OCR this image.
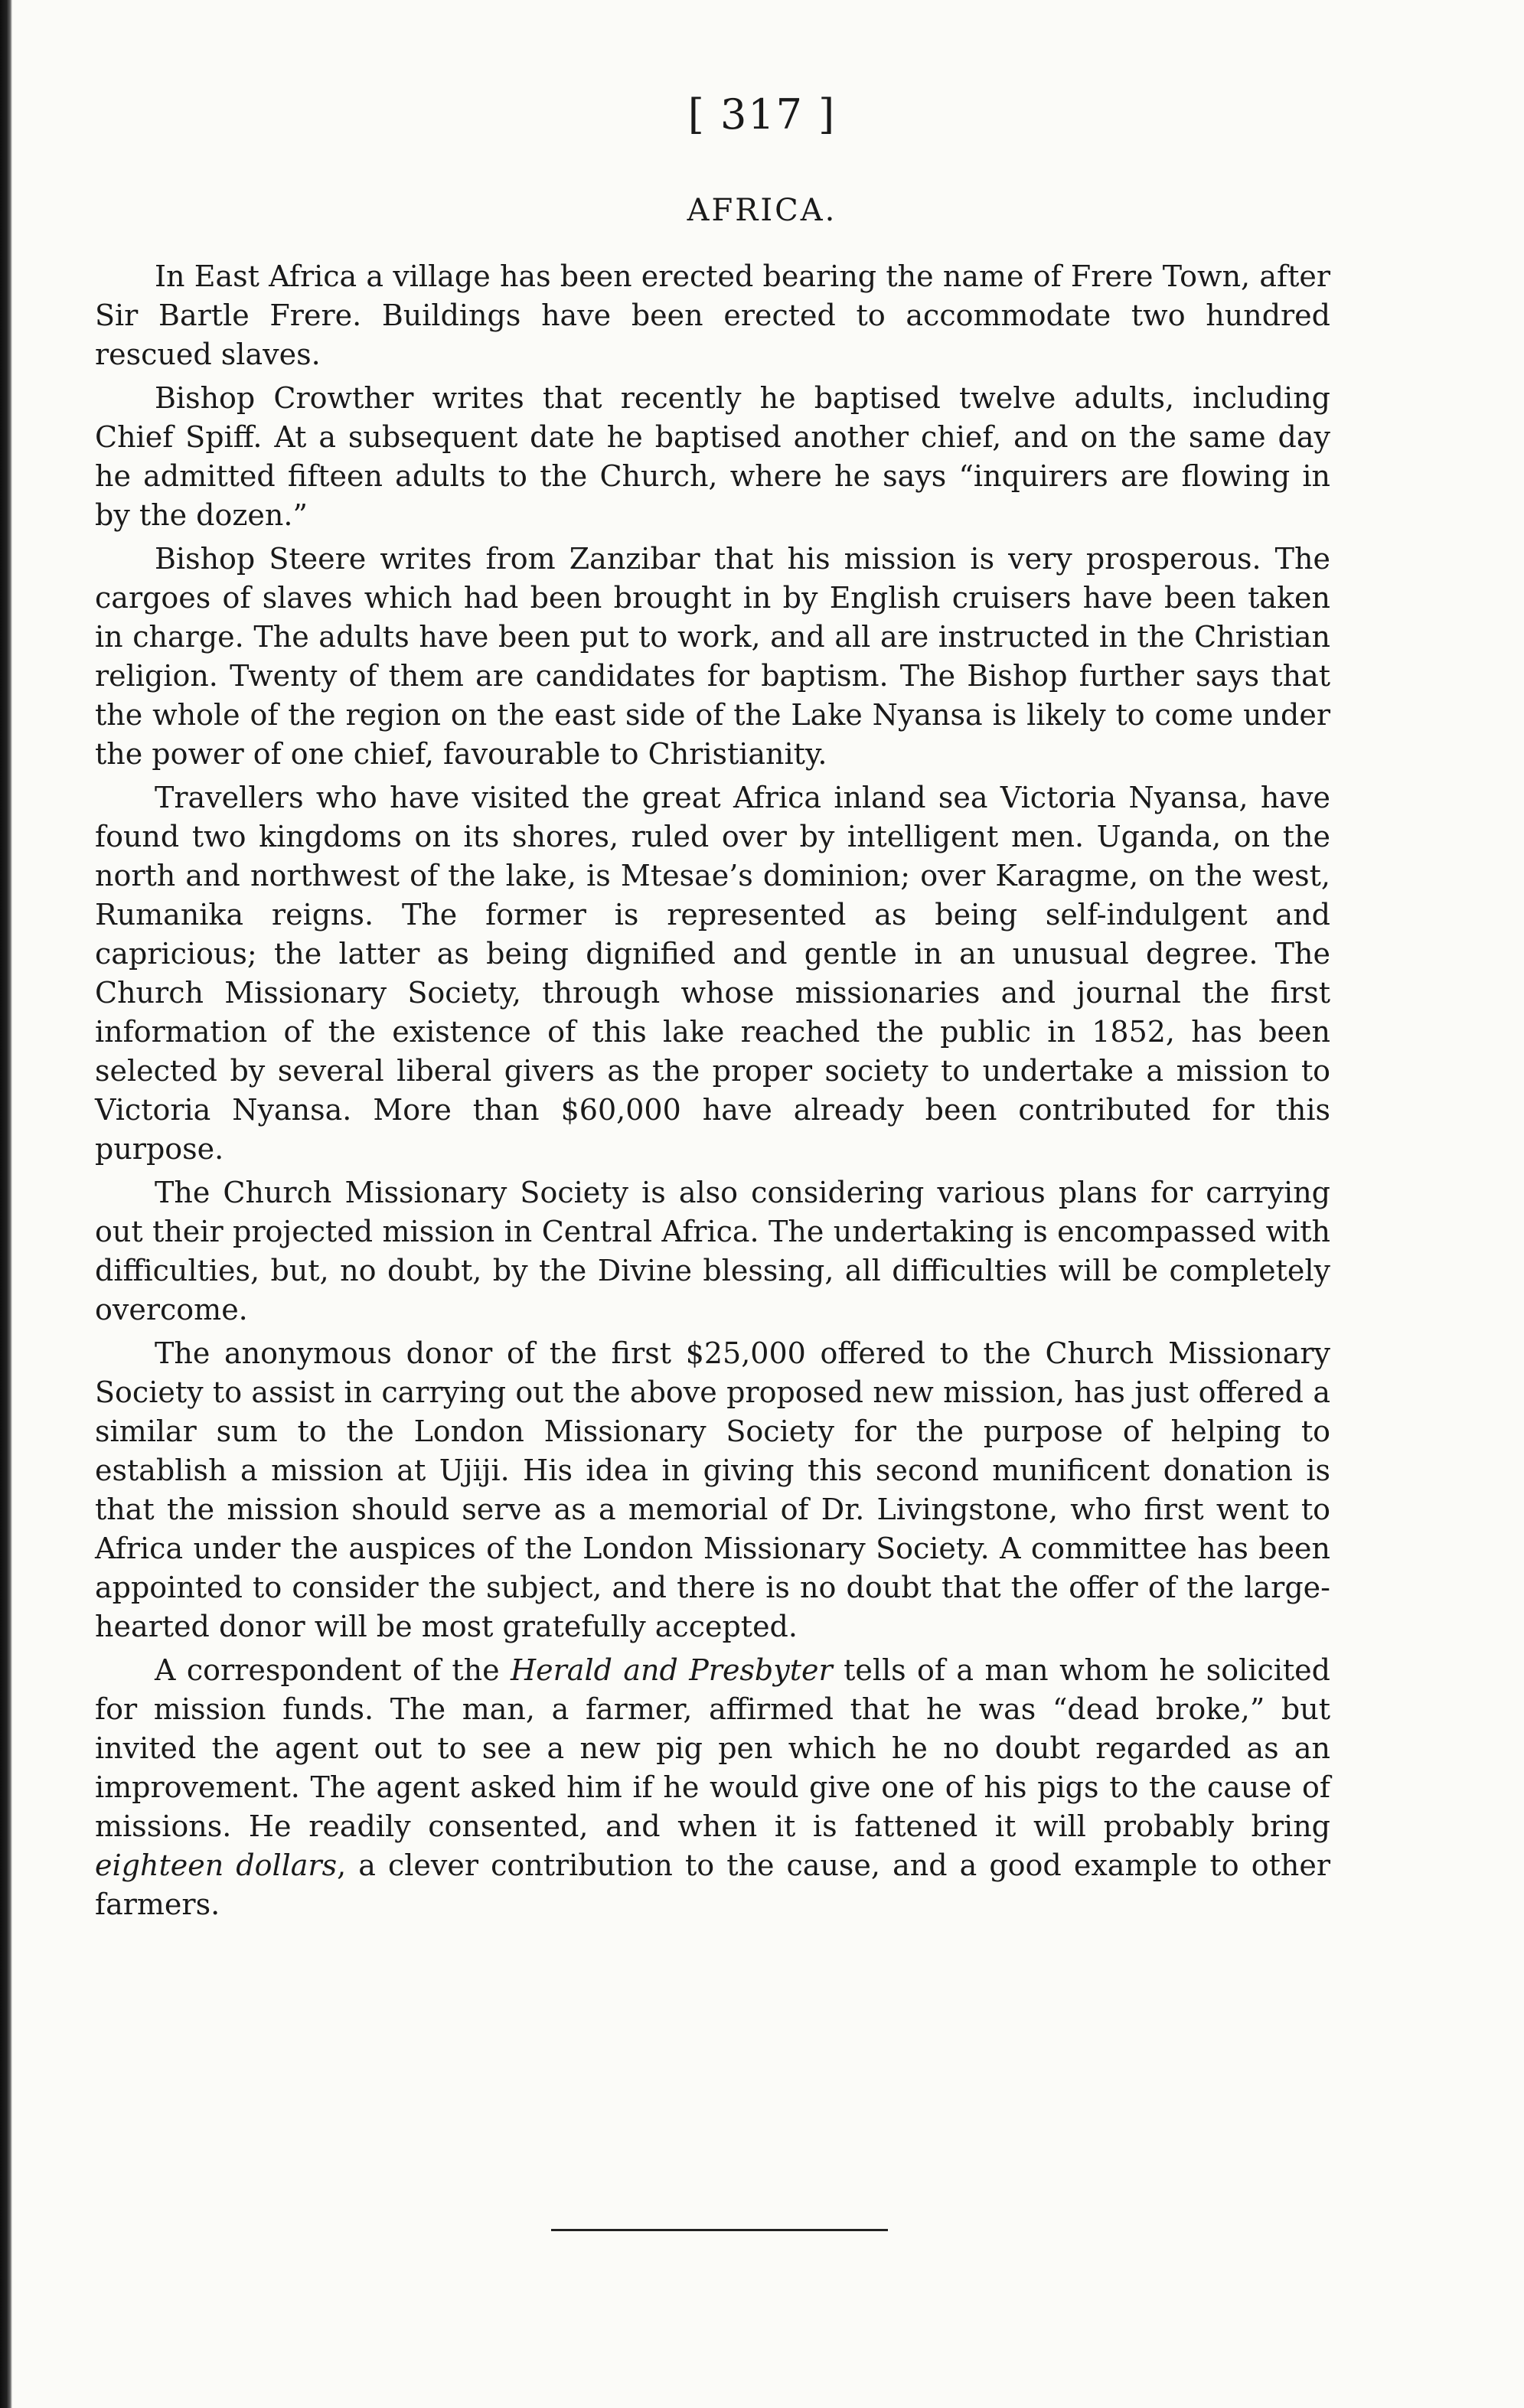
[ 317 ]
AFRICA.

In East Africa a village has been erected bearing the name of Frere Town, after Sir Bartle Frere. Buildings have been erected to accommodate two hundred rescued slaves.

Bishop Crowther writes that recently he baptised twelve adults, including Chief Spiff. At a subsequent date he baptised another chief, and on the same day he admitted fifteen adults to the Church, where he says “inquirers are flowing in by the dozen.”

Bishop Steere writes from Zanzibar that his mission is very prosperous. The cargoes of slaves which had been brought in by English cruisers have been taken in charge. The adults have been put to work, and all are instructed in the Christian religion. Twenty of them are candidates for baptism. The Bishop further says that the whole of the region on the east side of the Lake Nyansa is likely to come under the power of one chief, favourable to Christianity.

Travellers who have visited the great Africa inland sea Victoria Nyansa, have found two kingdoms on its shores, ruled over by intelligent men. Uganda, on the north and northwest of the lake, is Mtesae’s dominion; over Karagme, on the west, Rumanika reigns. The former is represented as being self-indulgent and capricious; the latter as being dignified and gentle in an unusual degree. The Church Missionary Society, through whose missionaries and journal the first information of the existence of this lake reached the public in 1852, has been selected by several liberal givers as the proper society to undertake a mission to Victoria Nyansa. More than $60,000 have already been contributed for this purpose.

The Church Missionary Society is also considering various plans for carrying out their projected mission in Central Africa. The undertaking is encompassed with difficulties, but, no doubt, by the Divine blessing, all difficulties will be completely overcome.

The anonymous donor of the first $25,000 offered to the Church Missionary Society to assist in carrying out the above proposed new mission, has just offered a similar sum to the London Missionary Society for the purpose of helping to establish a mission at Ujiji. His idea in giving this second munificent donation is that the mission should serve as a memorial of Dr. Livingstone, who first went to Africa under the auspices of the London Missionary Society. A committee has been appointed to consider the subject, and there is no doubt that the offer of the large-hearted donor will be most gratefully accepted.

A correspondent of the Herald and Presbyter tells of a man whom he solicited for mission funds. The man, a farmer, affirmed that he was “dead broke,” but invited the agent out to see a new pig pen which he no doubt regarded as an improvement. The agent asked him if he would give one of his pigs to the cause of missions. He readily consented, and when it is fattened it will probably bring eighteen dollars, a clever contribution to the cause, and a good example to other farmers.
